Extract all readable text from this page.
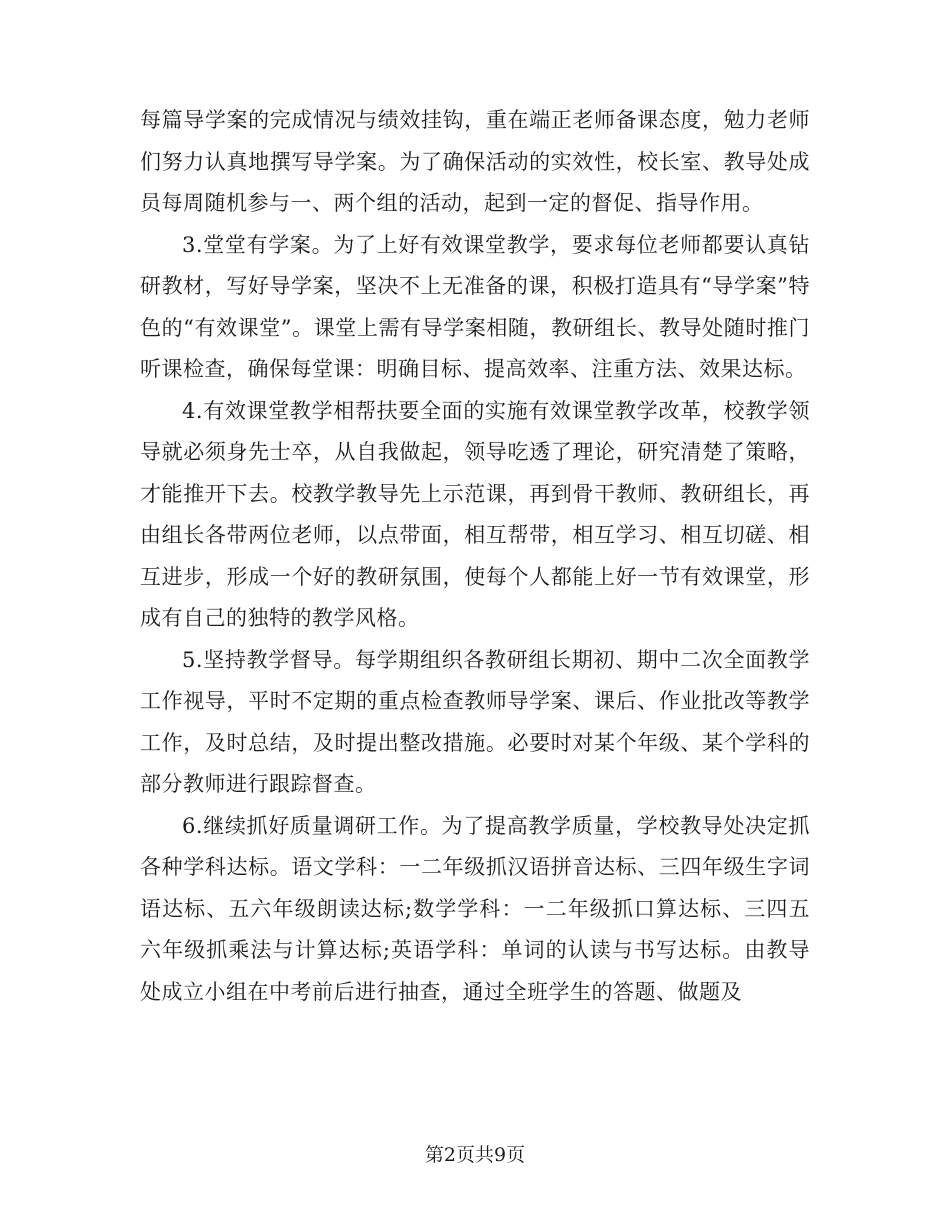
每篇导学案的完成情况与绩效挂钩，重在端正老师备课态度，勉力老师们努力认真地撰写导学案。为了确保活动的实效性，校长室、教导处成员每周随机参与一、两个组的活动，起到一定的督促、指导作用。

3.堂堂有学案。为了上好有效课堂教学，要求每位老师都要认真钻研教材，写好导学案，坚决不上无准备的课，积极打造具有“导学案”特色的“有效课堂”。课堂上需有导学案相随，教研组长、教导处随时推门听课检查，确保每堂课：明确目标、提高效率、注重方法、效果达标。

4.有效课堂教学相帮扶要全面的实施有效课堂教学改革，校教学领导就必须身先士卒，从自我做起，领导吃透了理论，研究清楚了策略，才能推开下去。校教学教导先上示范课，再到骨干教师、教研组长，再由组长各带两位老师，以点带面，相互帮带，相互学习、相互切磋、相互进步，形成一个好的教研氛围，使每个人都能上好一节有效课堂，形成有自己的独特的教学风格。

5.坚持教学督导。每学期组织各教研组长期初、期中二次全面教学工作视导，平时不定期的重点检查教师导学案、课后、作业批改等教学工作，及时总结，及时提出整改措施。必要时对某个年级、某个学科的部分教师进行跟踪督查。

6.继续抓好质量调研工作。为了提高教学质量，学校教导处决定抓各种学科达标。语文学科：一二年级抓汉语拼音达标、三四年级生字词语达标、五六年级朗读达标;数学学科：一二年级抓口算达标、三四五六年级抓乘法与计算达标;英语学科：单词的认读与书写达标。由教导处成立小组在中考前后进行抽查，通过全班学生的答题、做题及

第2页共9页
